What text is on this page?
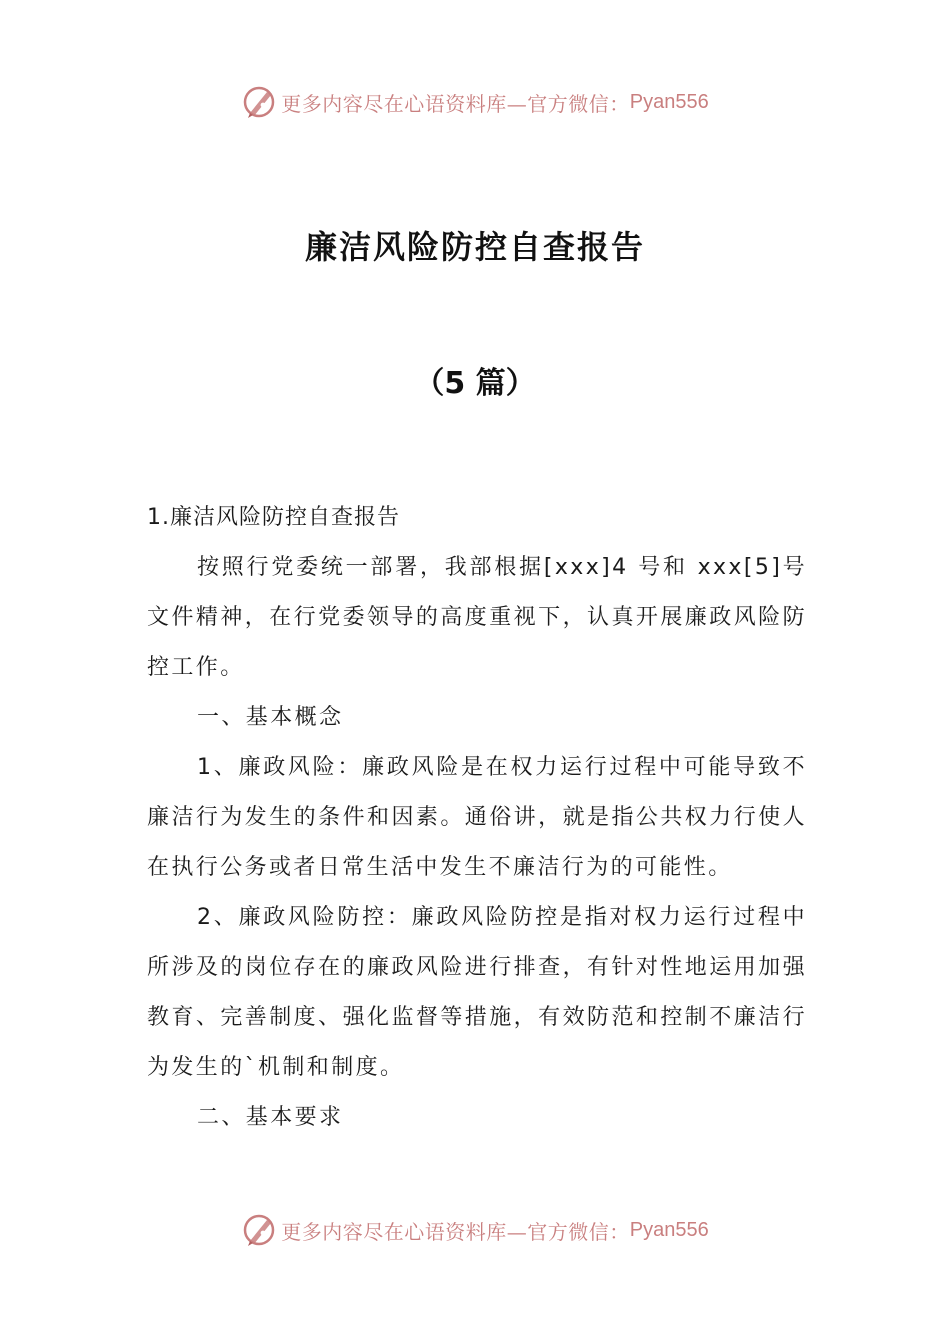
更多内容尽在心语资料库—官方微信： Pyan556
廉洁风险防控自查报告
（5 篇）

1.廉洁风险防控自查报告

按照行党委统一部署，我部根据[xxx]4 号和 xxx[5]号文件精神，在行党委领导的高度重视下，认真开展廉政风险防控工作。

一、基本概念

1、廉政风险：廉政风险是在权力运行过程中可能导致不廉洁行为发生的条件和因素。通俗讲，就是指公共权力行使人在执行公务或者日常生活中发生不廉洁行为的可能性。

2、廉政风险防控：廉政风险防控是指对权力运行过程中所涉及的岗位存在的廉政风险进行排查，有针对性地运用加强教育、完善制度、强化监督等措施，有效防范和控制不廉洁行为发生的`机制和制度。

二、基本要求

更多内容尽在心语资料库—官方微信： Pyan556
